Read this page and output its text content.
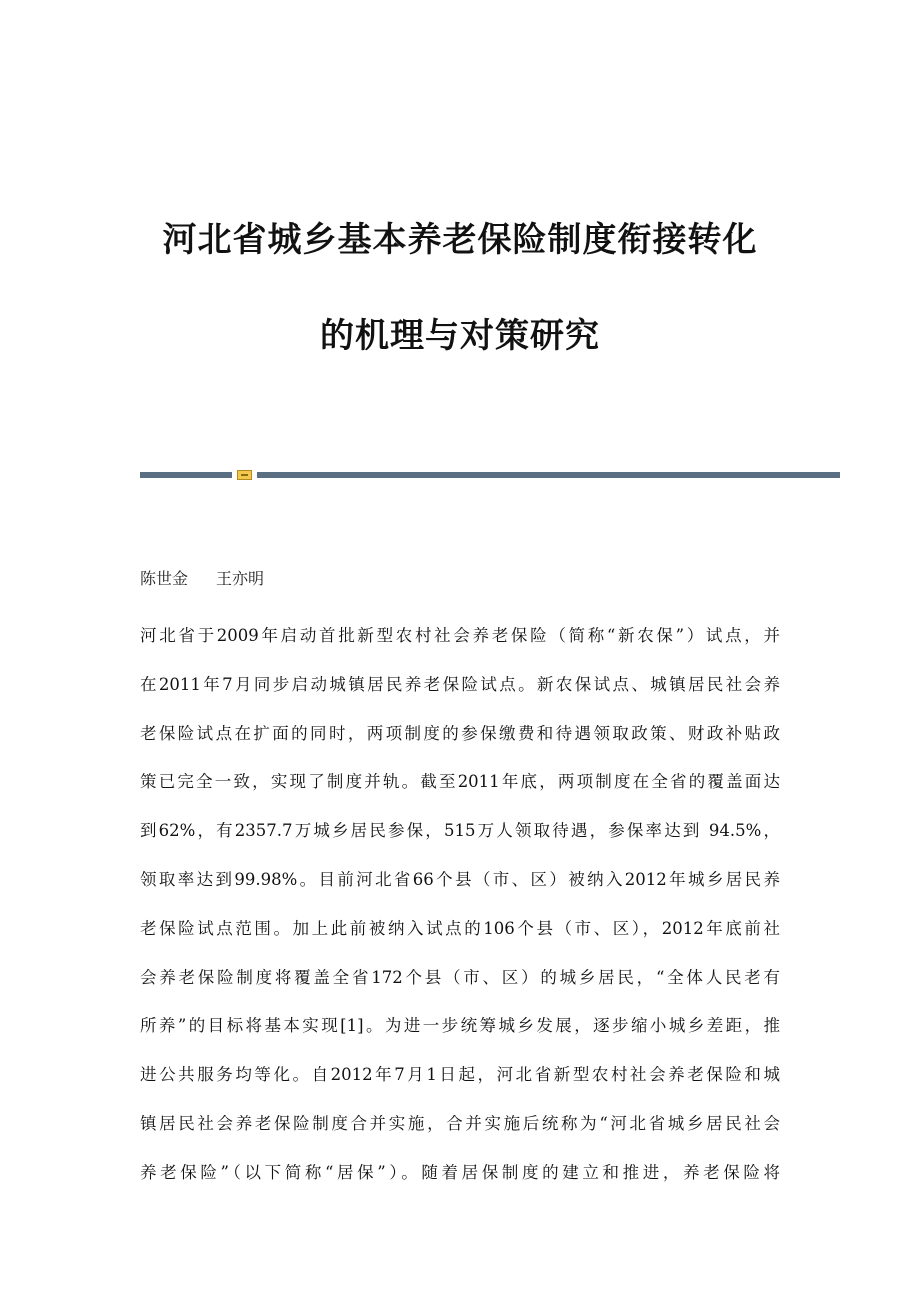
河北省城乡基本养老保险制度衔接转化
的机理与对策研究
陈世金 王亦明
河北省于2009年启动首批新型农村社会养老保险（简称“新农保”）试点，并
在2011年7月同步启动城镇居民养老保险试点。新农保试点、城镇居民社会养
老保险试点在扩面的同时，两项制度的参保缴费和待遇领取政策、财政补贴政
策已完全一致，实现了制度并轨。截至2011年底，两项制度在全省的覆盖面达
到62%，有2357.7万城乡居民参保，515万人领取待遇，参保率达到 94.5%，
领取率达到99.98%。目前河北省66个县（市、区）被纳入2012年城乡居民养
老保险试点范围。加上此前被纳入试点的106个县（市、区），2012年底前社
会养老保险制度将覆盖全省172个县（市、区）的城乡居民，“全体人民老有
所养”的目标将基本实现[1]。为进一步统筹城乡发展，逐步缩小城乡差距，推
进公共服务均等化。自2012年7月1日起，河北省新型农村社会养老保险和城
镇居民社会养老保险制度合并实施，合并实施后统称为“河北省城乡居民社会
养老保险”（以下简称“居保”）。随着居保制度的建立和推进，养老保险将
